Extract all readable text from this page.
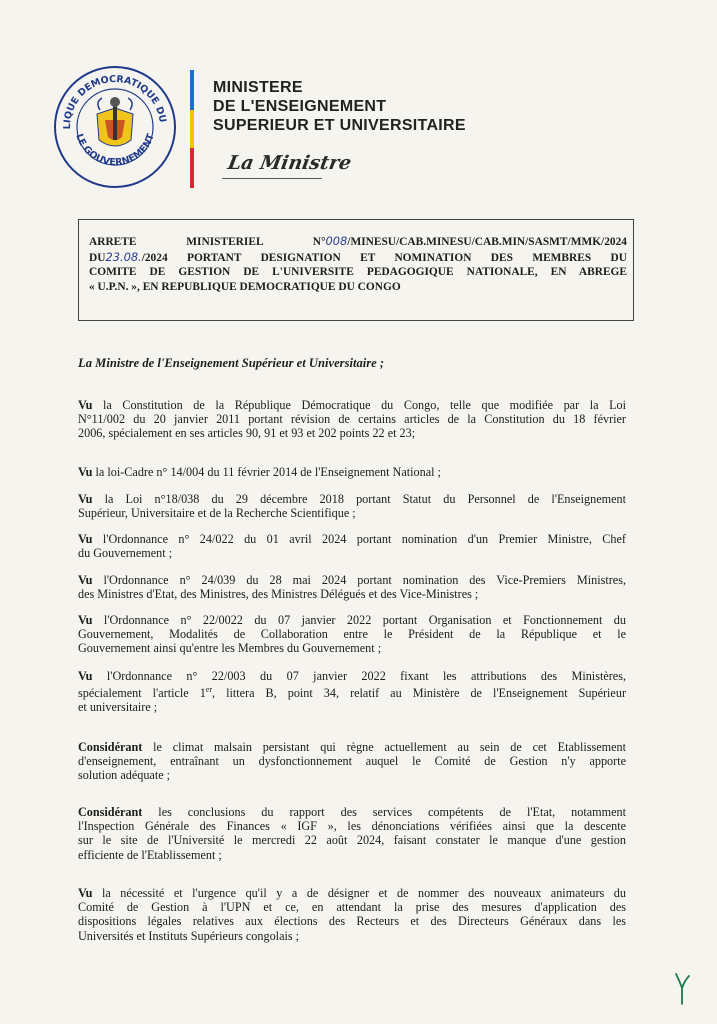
LIQUE DEMOCRATIQUE DU
LE GOUVERNEMENT
MINISTERE
DE L'ENSEIGNEMENT
SUPERIEUR ET UNIVERSITAIRE
La Ministre
ARRETE MINISTERIEL N°008/MINESU/CAB.MINESU/CAB.MIN/SASMT/MMK/2024
DU23.08./2024 PORTANT DESIGNATION ET NOMINATION DES MEMBRES DU
COMITE DE GESTION DE L'UNIVERSITE PEDAGOGIQUE NATIONALE, EN ABREGE
« U.P.N. », EN REPUBLIQUE DEMOCRATIQUE DU CONGO
La Ministre de l'Enseignement Supérieur et Universitaire ;
Vu la Constitution de la République Démocratique du Congo, telle que modifiée par la Loi
N°11/002 du 20 janvier 2011 portant révision de certains articles de la Constitution du 18 février
2006, spécialement en ses articles 90, 91 et 93 et 202 points 22 et 23;
Vu la loi-Cadre n° 14/004 du 11 février 2014 de l'Enseignement National ;
Vu la Loi n°18/038 du 29 décembre 2018 portant Statut du Personnel de l'Enseignement
Supérieur, Universitaire et de la Recherche Scientifique ;
Vu l'Ordonnance n° 24/022 du 01 avril 2024 portant nomination d'un Premier Ministre, Chef
du Gouvernement ;
Vu l'Ordonnance n° 24/039 du 28 mai 2024 portant nomination des Vice-Premiers Ministres,
des Ministres d'Etat, des Ministres, des Ministres Délégués et des Vice-Ministres ;
Vu l'Ordonnance n° 22/0022 du 07 janvier 2022 portant Organisation et Fonctionnement du
Gouvernement, Modalités de Collaboration entre le Président de la République et le
Gouvernement ainsi qu'entre les Membres du Gouvernement ;
Vu l'Ordonnance n° 22/003 du 07 janvier 2022 fixant les attributions des Ministères,
spécialement l'article 1er, littera B, point 34, relatif au Ministère de l'Enseignement Supérieur
et universitaire ;
Considérant le climat malsain persistant qui règne actuellement au sein de cet Etablissement
d'enseignement, entraînant un dysfonctionnement auquel le Comité de Gestion n'y apporte
solution adéquate ;
Considérant les conclusions du rapport des services compétents de l'Etat, notamment
l'Inspection Générale des Finances « IGF », les dénonciations vérifiées ainsi que la descente
sur le site de l'Université le mercredi 22 août 2024, faisant constater le manque d'une gestion
efficiente de l'Etablissement ;
Vu la nécessité et l'urgence qu'il y a de désigner et de nommer des nouveaux animateurs du
Comité de Gestion à l'UPN et ce, en attendant la prise des mesures d'application des
dispositions légales relatives aux élections des Recteurs et des Directeurs Généraux dans les
Universités et Instituts Supérieurs congolais ;
